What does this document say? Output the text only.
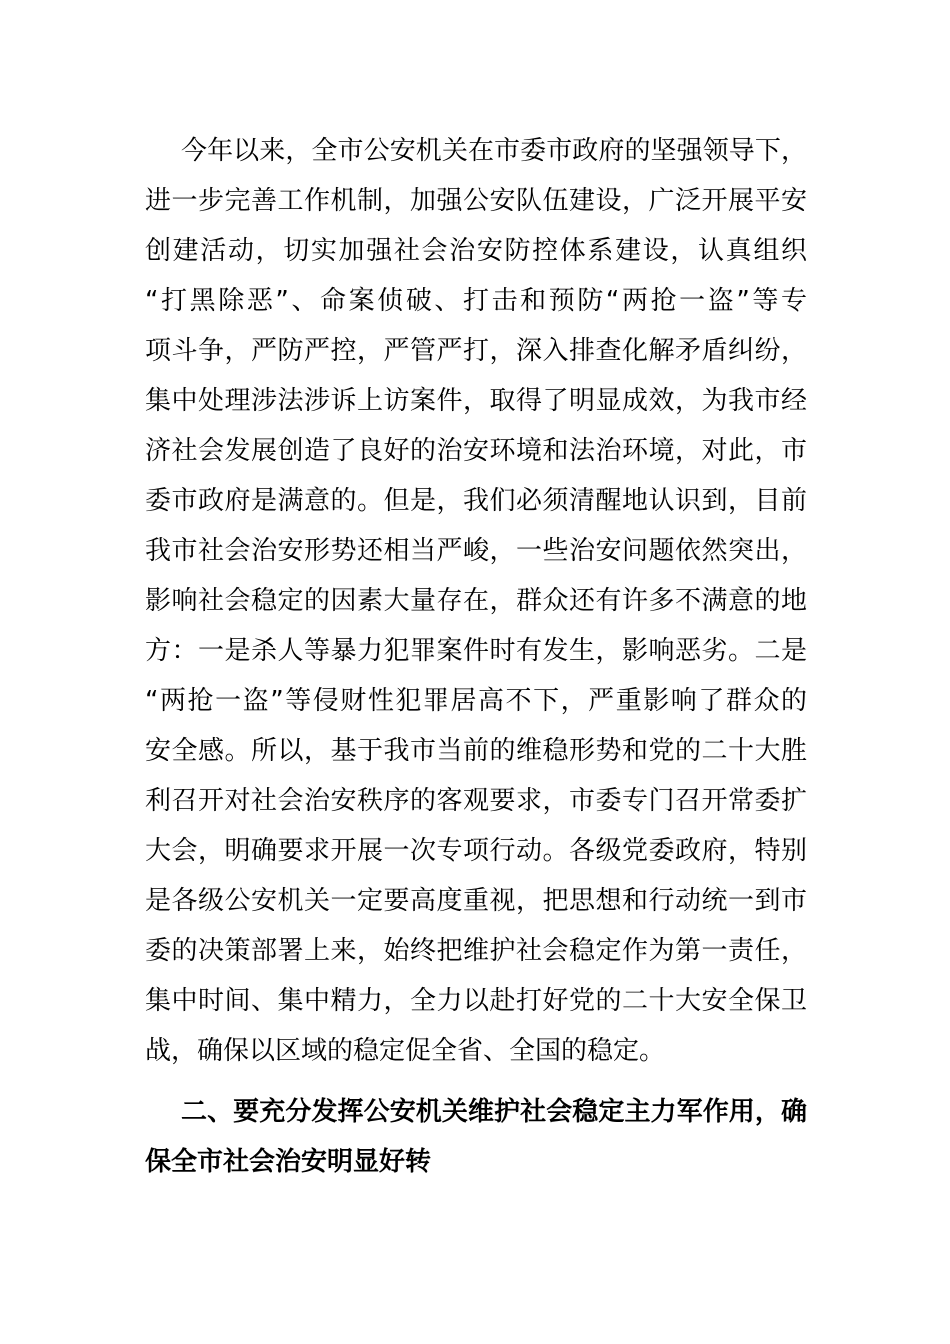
今年以来，全市公安机关在市委市政府的坚强领导下，
进一步完善工作机制，加强公安队伍建设，广泛开展平安
创建活动，切实加强社会治安防控体系建设，认真组织
“打黑除恶”、命案侦破、打击和预防“两抢一盗”等专
项斗争，严防严控，严管严打，深入排查化解矛盾纠纷，
集中处理涉法涉诉上访案件，取得了明显成效，为我市经
济社会发展创造了良好的治安环境和法治环境，对此，市
委市政府是满意的。但是，我们必须清醒地认识到，目前
我市社会治安形势还相当严峻，一些治安问题依然突出，
影响社会稳定的因素大量存在，群众还有许多不满意的地
方：一是杀人等暴力犯罪案件时有发生，影响恶劣。二是
“两抢一盗”等侵财性犯罪居高不下，严重影响了群众的
安全感。所以，基于我市当前的维稳形势和党的二十大胜
利召开对社会治安秩序的客观要求，市委专门召开常委扩
大会，明确要求开展一次专项行动。各级党委政府，特别
是各级公安机关一定要高度重视，把思想和行动统一到市
委的决策部署上来，始终把维护社会稳定作为第一责任，
集中时间、集中精力，全力以赴打好党的二十大安全保卫
战，确保以区域的稳定促全省、全国的稳定。
二、要充分发挥公安机关维护社会稳定主力军作用，确
保全市社会治安明显好转
